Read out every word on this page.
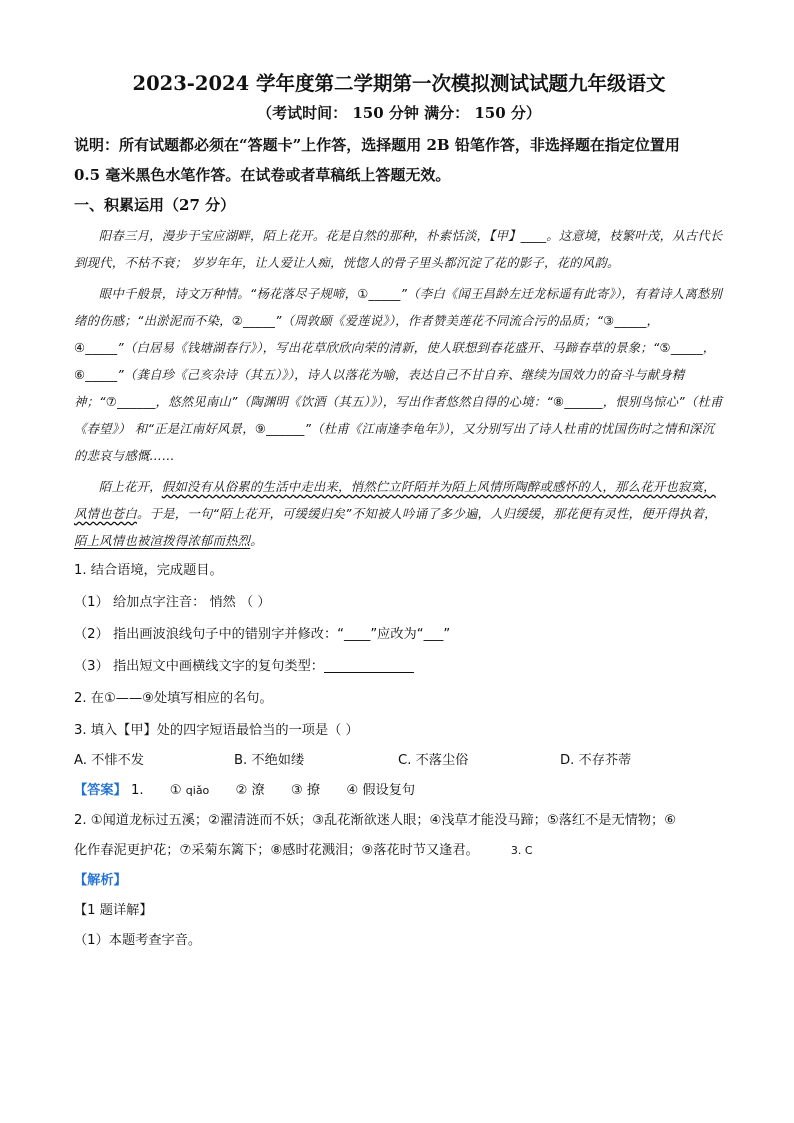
2023-2024 学年度第二学期第一次模拟测试试题九年级语文
（考试时间： 150 分钟 满分： 150 分）
说明：所有试题都必须在“答题卡”上作答，选择题用 2B 铅笔作答，非选择题在指定位置用
0.5 毫米黑色水笔作答。在试卷或者草稿纸上答题无效。
一、积累运用（27 分）

阳春三月，漫步于宝应湖畔，陌上花开。花是自然的那种，朴素恬淡，【甲】____。这意境，枝繁叶茂，从古代长到现代，不枯不衰； 岁岁年年，让人爱让人痴，恍惚人的骨子里头都沉淀了花的影子，花的风韵。

眼中千般景，诗文万种情。“杨花落尽子规啼，①_____”（李白《闻王昌龄左迁龙标遥有此寄》），有着诗人离愁别绪的伤感；“出淤泥而不染，②_____”（周敦颐《爱莲说》），作者赞美莲花不同流合污的品质；“③_____，④_____”（白居易《钱塘湖春行》），写出花草欣欣向荣的清新，使人联想到春花盛开、马蹄春草的景象；“⑤_____，⑥_____”（龚自珍《己亥杂诗（其五）》），诗人以落花为喻，表达自己不甘自弃、继续为国效力的奋斗与献身精神；“⑦______，悠然见南山”（陶渊明《饮酒（其五）》），写出作者悠然自得的心境：“⑧______，恨别鸟惊心”（杜甫《春望》） 和“正是江南好风景，⑨______”（杜甫《江南逢李龟年》），又分别写出了诗人杜甫的忧国伤时之情和深沉的悲哀与感慨……

陌上花开，假如没有从俗累的生活中走出来，悄然伫立阡陌并为陌上风情所陶醉或感怀的人，那么花开也寂寞，风情也苍白。于是，一句“陌上花开，可缓缓归矣”不知被人吟诵了多少遍，人归缓缓，那花便有灵性，便开得执着，陌上风情也被渲拨得浓郁而热烈。

1. 结合语境，完成题目。
（1） 给加点字注音： 悄然 （ ）
（2） 指出画波浪线句子中的错别字并修改：“____”应改为“___”
（3） 指出短文中画横线文字的复句类型：
2. 在①——⑨处填写相应的名句。
3. 填入【甲】处的四字短语最恰当的一项是（ ）
A. 不悱不发	B. 不绝如缕	C. 不落尘俗	D. 不存芥蒂
【答案】 1. ① qiǎo ② 潦 ③ 撩 ④ 假设复句
2. ①闻道龙标过五溪；②濯清涟而不妖；③乱花渐欲迷人眼；④浅草才能没马蹄；⑤落红不是无情物；⑥
化作春泥更护花；⑦采菊东篱下；⑧感时花溅泪；⑨落花时节又逢君。	3. C
【解析】
【1 题详解】
（1）本题考查字音。
